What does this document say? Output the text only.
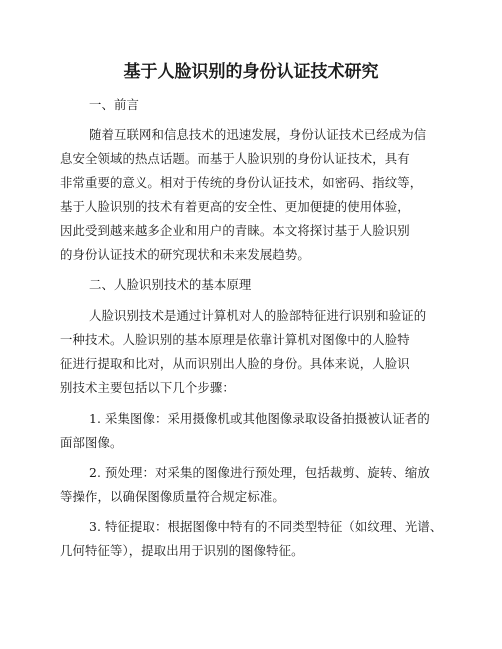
基于人脸识别的身份认证技术研究
一、前言
随着互联网和信息技术的迅速发展，身份认证技术已经成为信
息安全领域的热点话题。而基于人脸识别的身份认证技术，具有
非常重要的意义。相对于传统的身份认证技术，如密码、指纹等，
基于人脸识别的技术有着更高的安全性、更加便捷的使用体验，
因此受到越来越多企业和用户的青睐。本文将探讨基于人脸识别
的身份认证技术的研究现状和未来发展趋势。
二、人脸识别技术的基本原理
人脸识别技术是通过计算机对人的脸部特征进行识别和验证的
一种技术。人脸识别的基本原理是依靠计算机对图像中的人脸特
征进行提取和比对，从而识别出人脸的身份。具体来说，人脸识
别技术主要包括以下几个步骤：
1. 采集图像：采用摄像机或其他图像录取设备拍摄被认证者的
面部图像。
2. 预处理：对采集的图像进行预处理，包括裁剪、旋转、缩放
等操作，以确保图像质量符合规定标准。
3. 特征提取：根据图像中特有的不同类型特征（如纹理、光谱、
几何特征等），提取出用于识别的图像特征。
